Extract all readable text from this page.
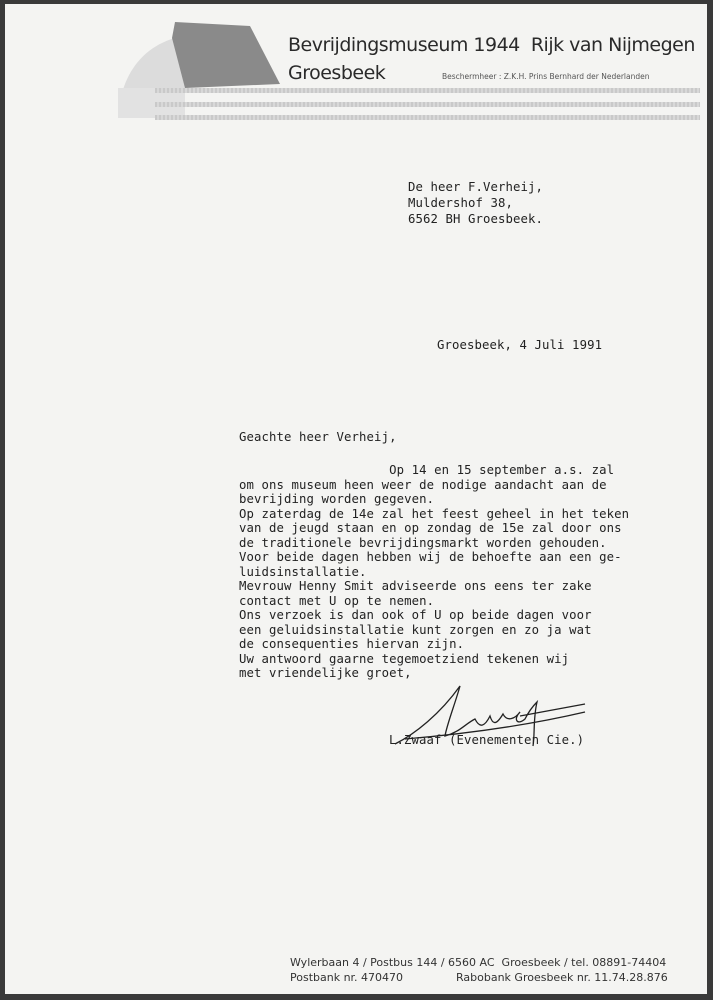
Bevrijdingsmuseum 1944  Rijk van Nijmegen
Groesbeek	Beschermheer : Z.K.H. Prins Bernhard der Nederlanden
De heer F.Verheij,
Muldershof 38,
6562 BH Groesbeek.
Groesbeek, 4 Juli 1991
Geachte heer Verheij,
Op 14 en 15 september a.s. zal
om ons museum heen weer de nodige aandacht aan de
bevrijding worden gegeven.
Op zaterdag de 14e zal het feest geheel in het teken
van de jeugd staan en op zondag de 15e zal door ons
de traditionele bevrijdingsmarkt worden gehouden.
Voor beide dagen hebben wij de behoefte aan een ge-
luidsinstallatie.
Mevrouw Henny Smit adviseerde ons eens ter zake
contact met U op te nemen.
Ons verzoek is dan ook of U op beide dagen voor
een geluidsinstallatie kunt zorgen en zo ja wat
de consequenties hiervan zijn.
Uw antwoord gaarne tegemoetziend tekenen wij
met vriendelijke groet,
L.Zwaaf (Evenementen Cie.)
Wylerbaan 4 / Postbus 144 / 6560 AC  Groesbeek / tel. 08891-74404
Postbank nr. 470470	Rabobank Groesbeek nr. 11.74.28.876
